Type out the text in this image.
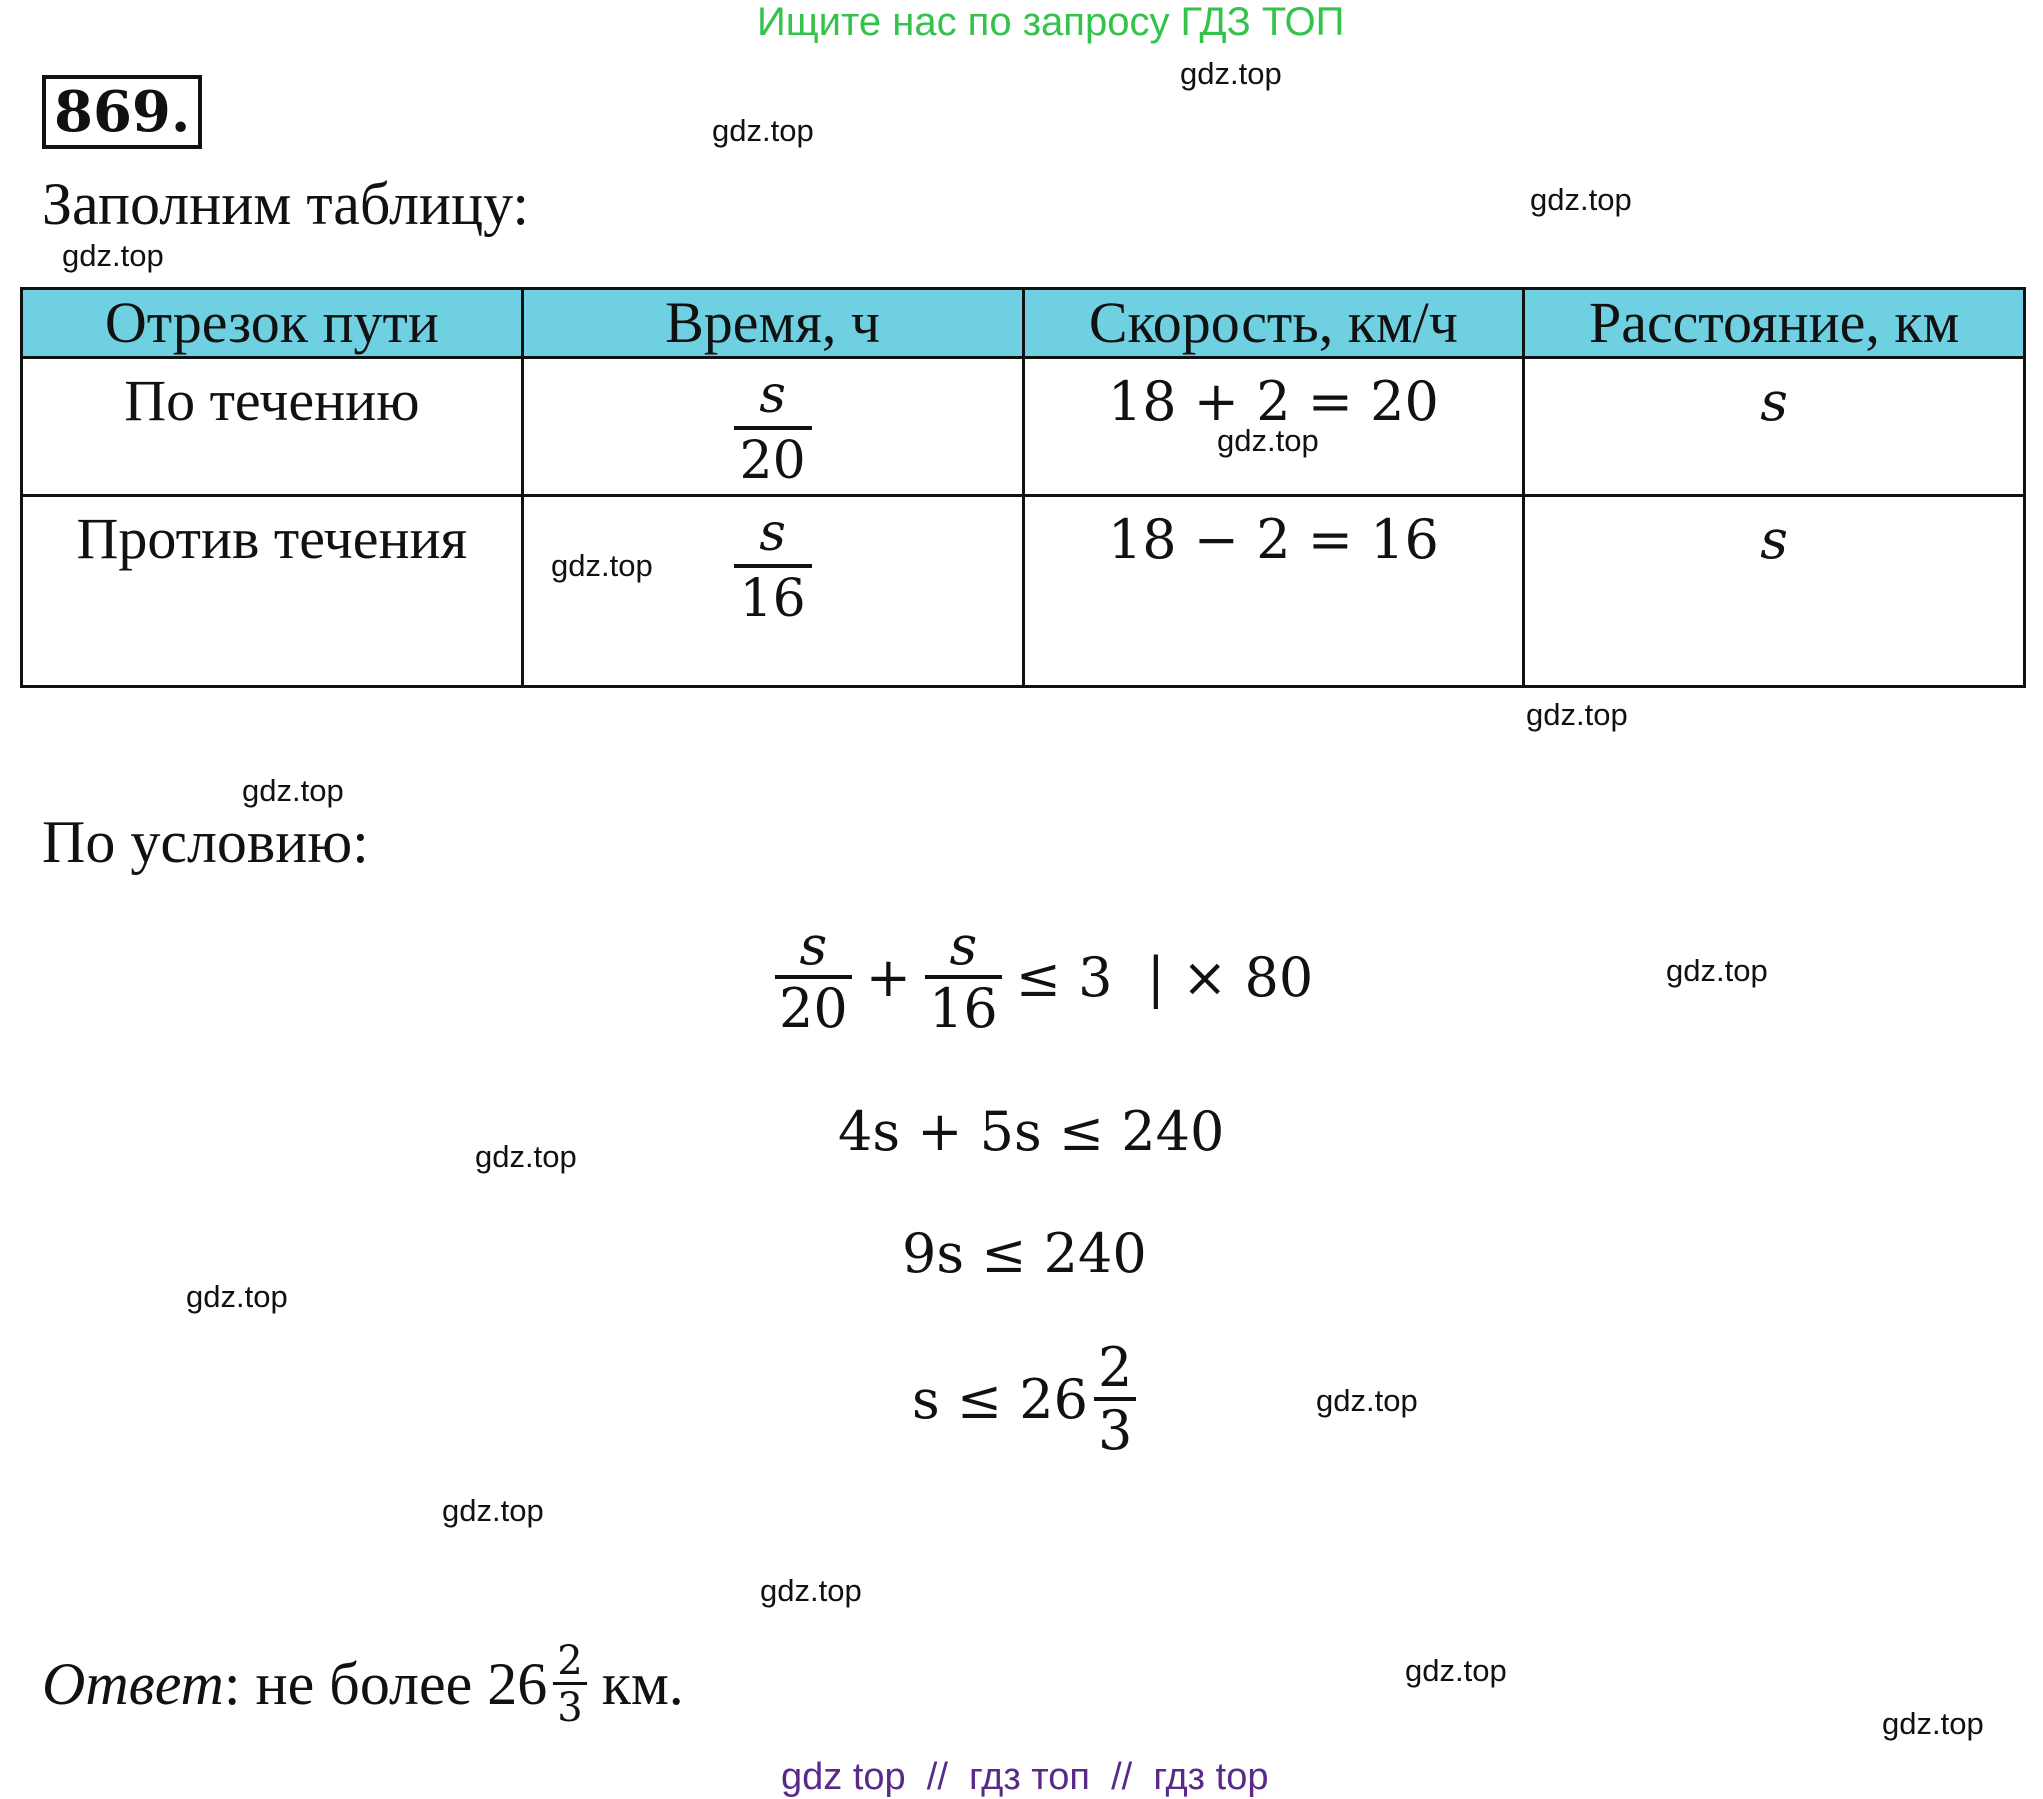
Ищите нас по запросу ГДЗ ТОП
869.
Заполним таблицу:
Отрезок пути	Время, ч	Скорость, км/ч	Расстояние, км

По течению	$\frac{s}{20}$	18 + 2 = 20	s

Против течения	$\frac{s}{16}$	18 − 2 = 16	s
По условию:
$\frac{s}{20} + \frac{s}{16} \le 3$  | × 80
4s + 5s ≤ 240
9s ≤ 240
$s \le 26 \frac{2}{3}$
Ответ : не более $26 \frac{2}{3}$ км.
gdz.top
gdz.top
gdz.top
gdz.top
gdz.top
gdz.top
gdz.top
gdz.top
gdz.top
gdz.top
gdz.top
gdz.top
gdz.top
gdz.top
gdz.top
gdz.top
gdz top  //  гдз топ  //  гдз top
